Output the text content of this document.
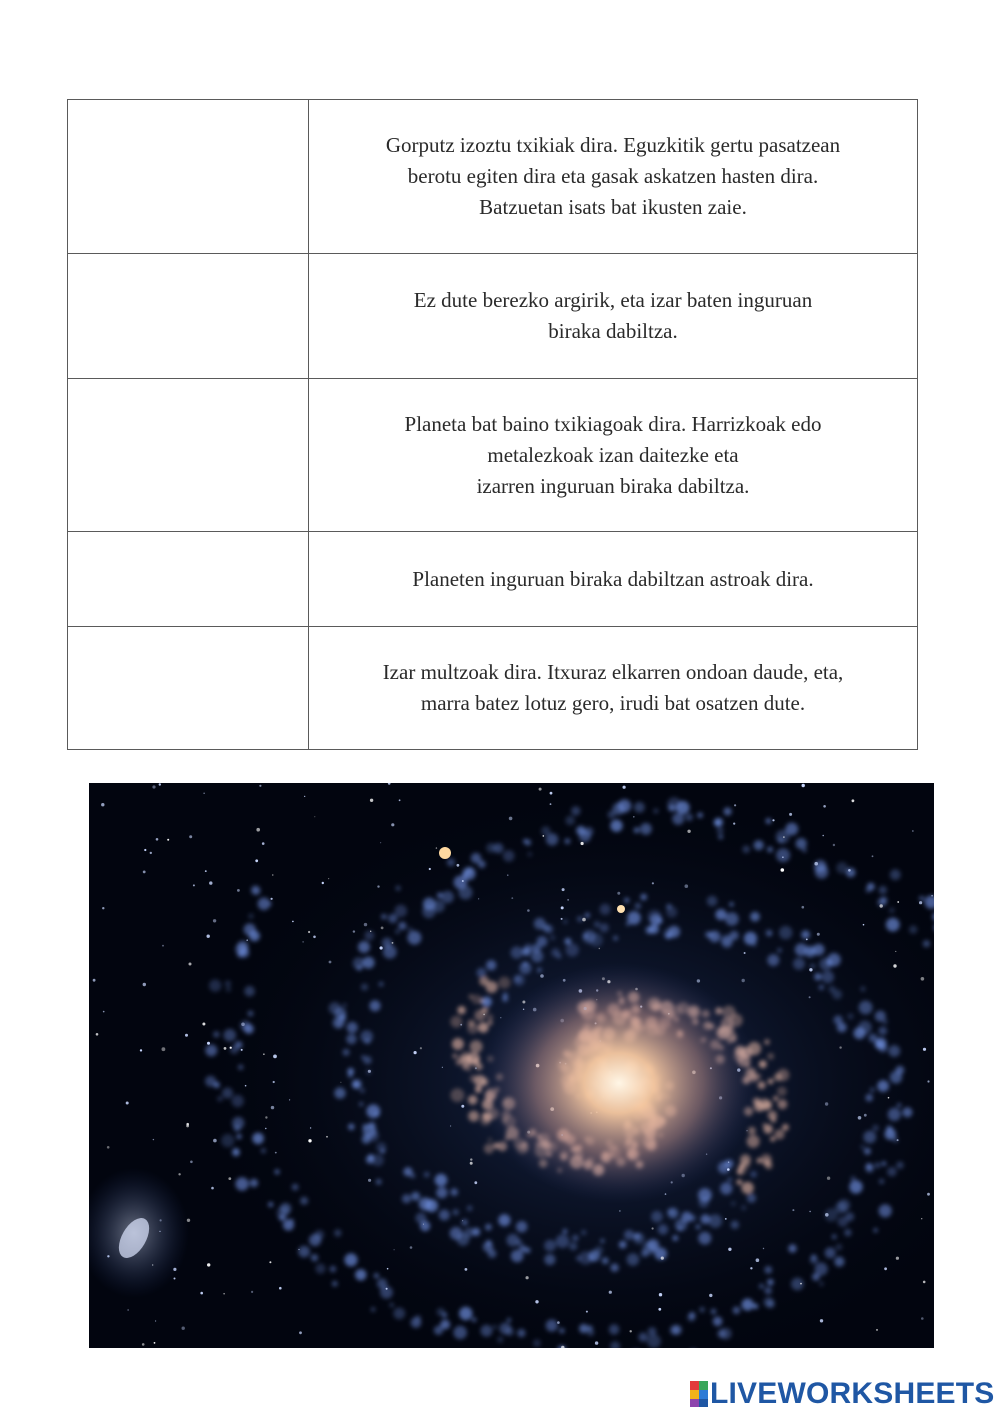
	Gorputz izoztu txikiak dira. Eguzkitik gertu pasatzean
berotu egiten dira eta gasak askatzen hasten dira.
Batzuetan isats bat ikusten zaie.

	Ez dute berezko argirik, eta izar baten inguruan
biraka dabiltza.

	Planeta bat baino txikiagoak dira. Harrizkoak edo
metalezkoak izan daitezke eta
izarren inguruan biraka dabiltza.

	Planeten inguruan biraka dabiltzan astroak dira.

	Izar multzoak dira. Itxuraz elkarren ondoan daude, eta,
marra batez lotuz gero, irudi bat osatzen dute.
LIVEWORKSHEETS
